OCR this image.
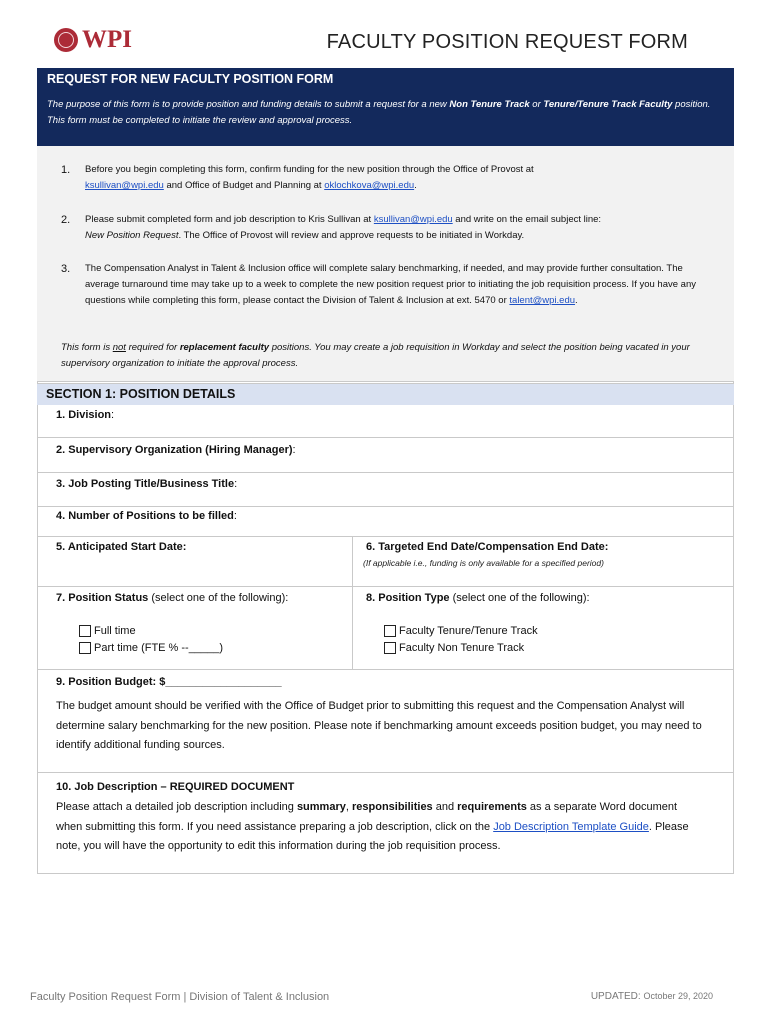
WPI	FACULTY POSITION REQUEST FORM
REQUEST FOR NEW FACULTY POSITION FORM

The purpose of this form is to provide position and funding details to submit a request for a new Non Tenure Track or Tenure/Tenure Track Faculty position. This form must be completed to initiate the review and approval process.

1. Before you begin completing this form, confirm funding for the new position through the Office of Provost at
ksullivan@wpi.edu and Office of Budget and Planning at oklochkova@wpi.edu.
2. Please submit completed form and job description to Kris Sullivan at ksullivan@wpi.edu and write on the email subject line:
New Position Request. The Office of Provost will review and approve requests to be initiated in Workday.
3. The Compensation Analyst in Talent & Inclusion office will complete salary benchmarking, if needed, and may provide further consultation. The average turnaround time may take up to a week to complete the new position request prior to initiating the job requisition process. If you have any questions while completing this form, please contact the Division of Talent & Inclusion at ext. 5470 or talent@wpi.edu.
This form is not required for replacement faculty positions. You may create a job requisition in Workday and select the position being vacated in your supervisory organization to initiate the approval process.
SECTION 1: POSITION DETAILS
1. Division:
2. Supervisory Organization (Hiring Manager):
3. Job Posting Title/Business Title:
4. Number of Positions to be filled:
5. Anticipated Start Date:	6. Targeted End Date/Compensation End Date:
(If applicable i.e., funding is only available for a specified period)
7. Position Status (select one of the following):	8. Position Type (select one of the following):
Full time
Part time (FTE % --_____)
Faculty Tenure/Tenure Track
Faculty Non Tenure Track
9. Position Budget: $___________________
The budget amount should be verified with the Office of Budget prior to submitting this request and the Compensation Analyst will determine salary benchmarking for the new position. Please note if benchmarking amount exceeds position budget, you may need to identify additional funding sources.
10. Job Description – REQUIRED DOCUMENT
Please attach a detailed job description including summary, responsibilities and requirements as a separate Word document when submitting this form. If you need assistance preparing a job description, click on the Job Description Template Guide. Please note, you will have the opportunity to edit this information during the job requisition process.
Faculty Position Request Form | Division of Talent & Inclusion	UPDATED: October 29, 2020
